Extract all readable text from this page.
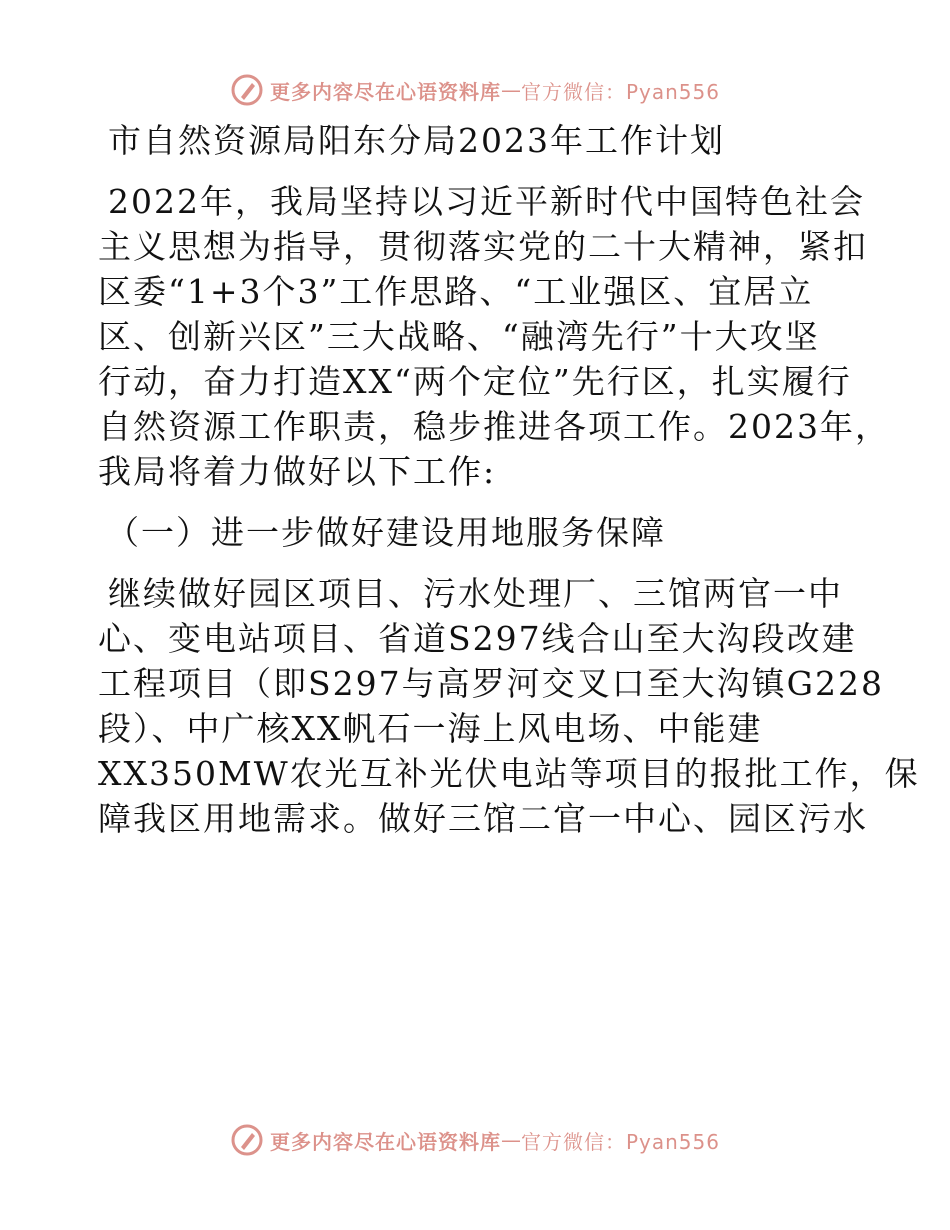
更多内容尽在心语资料库 — 官方微信：Pyan556
市自然资源局阳东分局2023年工作计划
2022年，我局坚持以习近平新时代中国特色社会
主义思想为指导，贯彻落实党的二十大精神，紧扣
区委“1+3个3”工作思路、“工业强区、宜居立
区、创新兴区”三大战略、“融湾先行”十大攻坚
行动，奋力打造XX“两个定位”先行区，扎实履行
自然资源工作职责，稳步推进各项工作。2023年，
我局将着力做好以下工作:
（一）进一步做好建设用地服务保障
继续做好园区项目、污水处理厂、三馆两官一中
心、变电站项目、省道S297线合山至大沟段改建
工程项目（即S297与高罗河交叉口至大沟镇G228
段）、中广核XX帆石一海上风电场、中能建
XX350MW农光互补光伏电站等项目的报批工作，保
障我区用地需求。做好三馆二官一中心、园区污水
更多内容尽在心语资料库 — 官方微信：Pyan556
